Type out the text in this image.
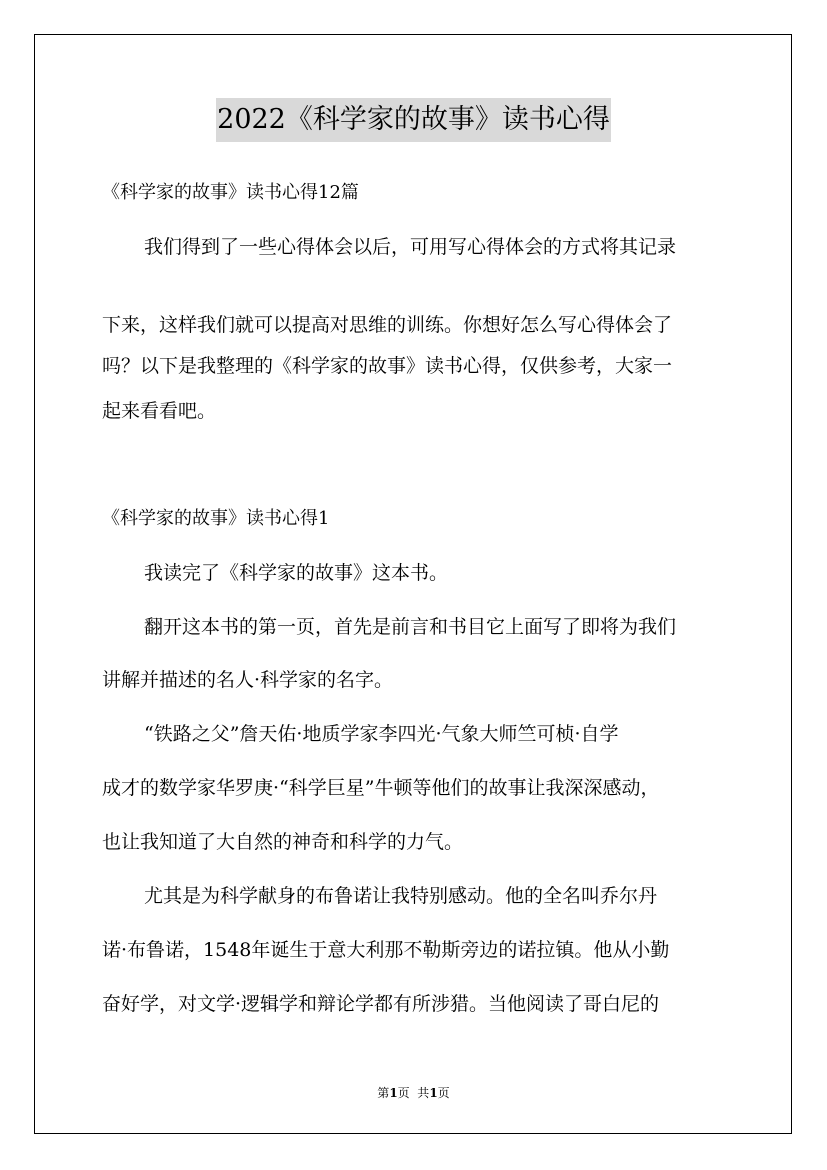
2022《科学家的故事》读书心得
《科学家的故事》读书心得12篇
我们得到了一些心得体会以后，可用写心得体会的方式将其记录
下来，这样我们就可以提高对思维的训练。你想好怎么写心得体会了
吗？以下是我整理的《科学家的故事》读书心得，仅供参考，大家一
起来看看吧。
《科学家的故事》读书心得1
我读完了《科学家的故事》这本书。
翻开这本书的第一页，首先是前言和书目它上面写了即将为我们
讲解并描述的名人·科学家的名字。
“铁路之父”詹天佑·地质学家李四光·气象大师竺可桢·自学
成才的数学家华罗庚·“科学巨星”牛顿等他们的故事让我深深感动，
也让我知道了大自然的神奇和科学的力气。
尤其是为科学献身的布鲁诺让我特别感动。他的全名叫乔尔丹
诺·布鲁诺，1548年诞生于意大利那不勒斯旁边的诺拉镇。他从小勤
奋好学，对文学·逻辑学和辩论学都有所涉猎。当他阅读了哥白尼的
第1页  共1页
